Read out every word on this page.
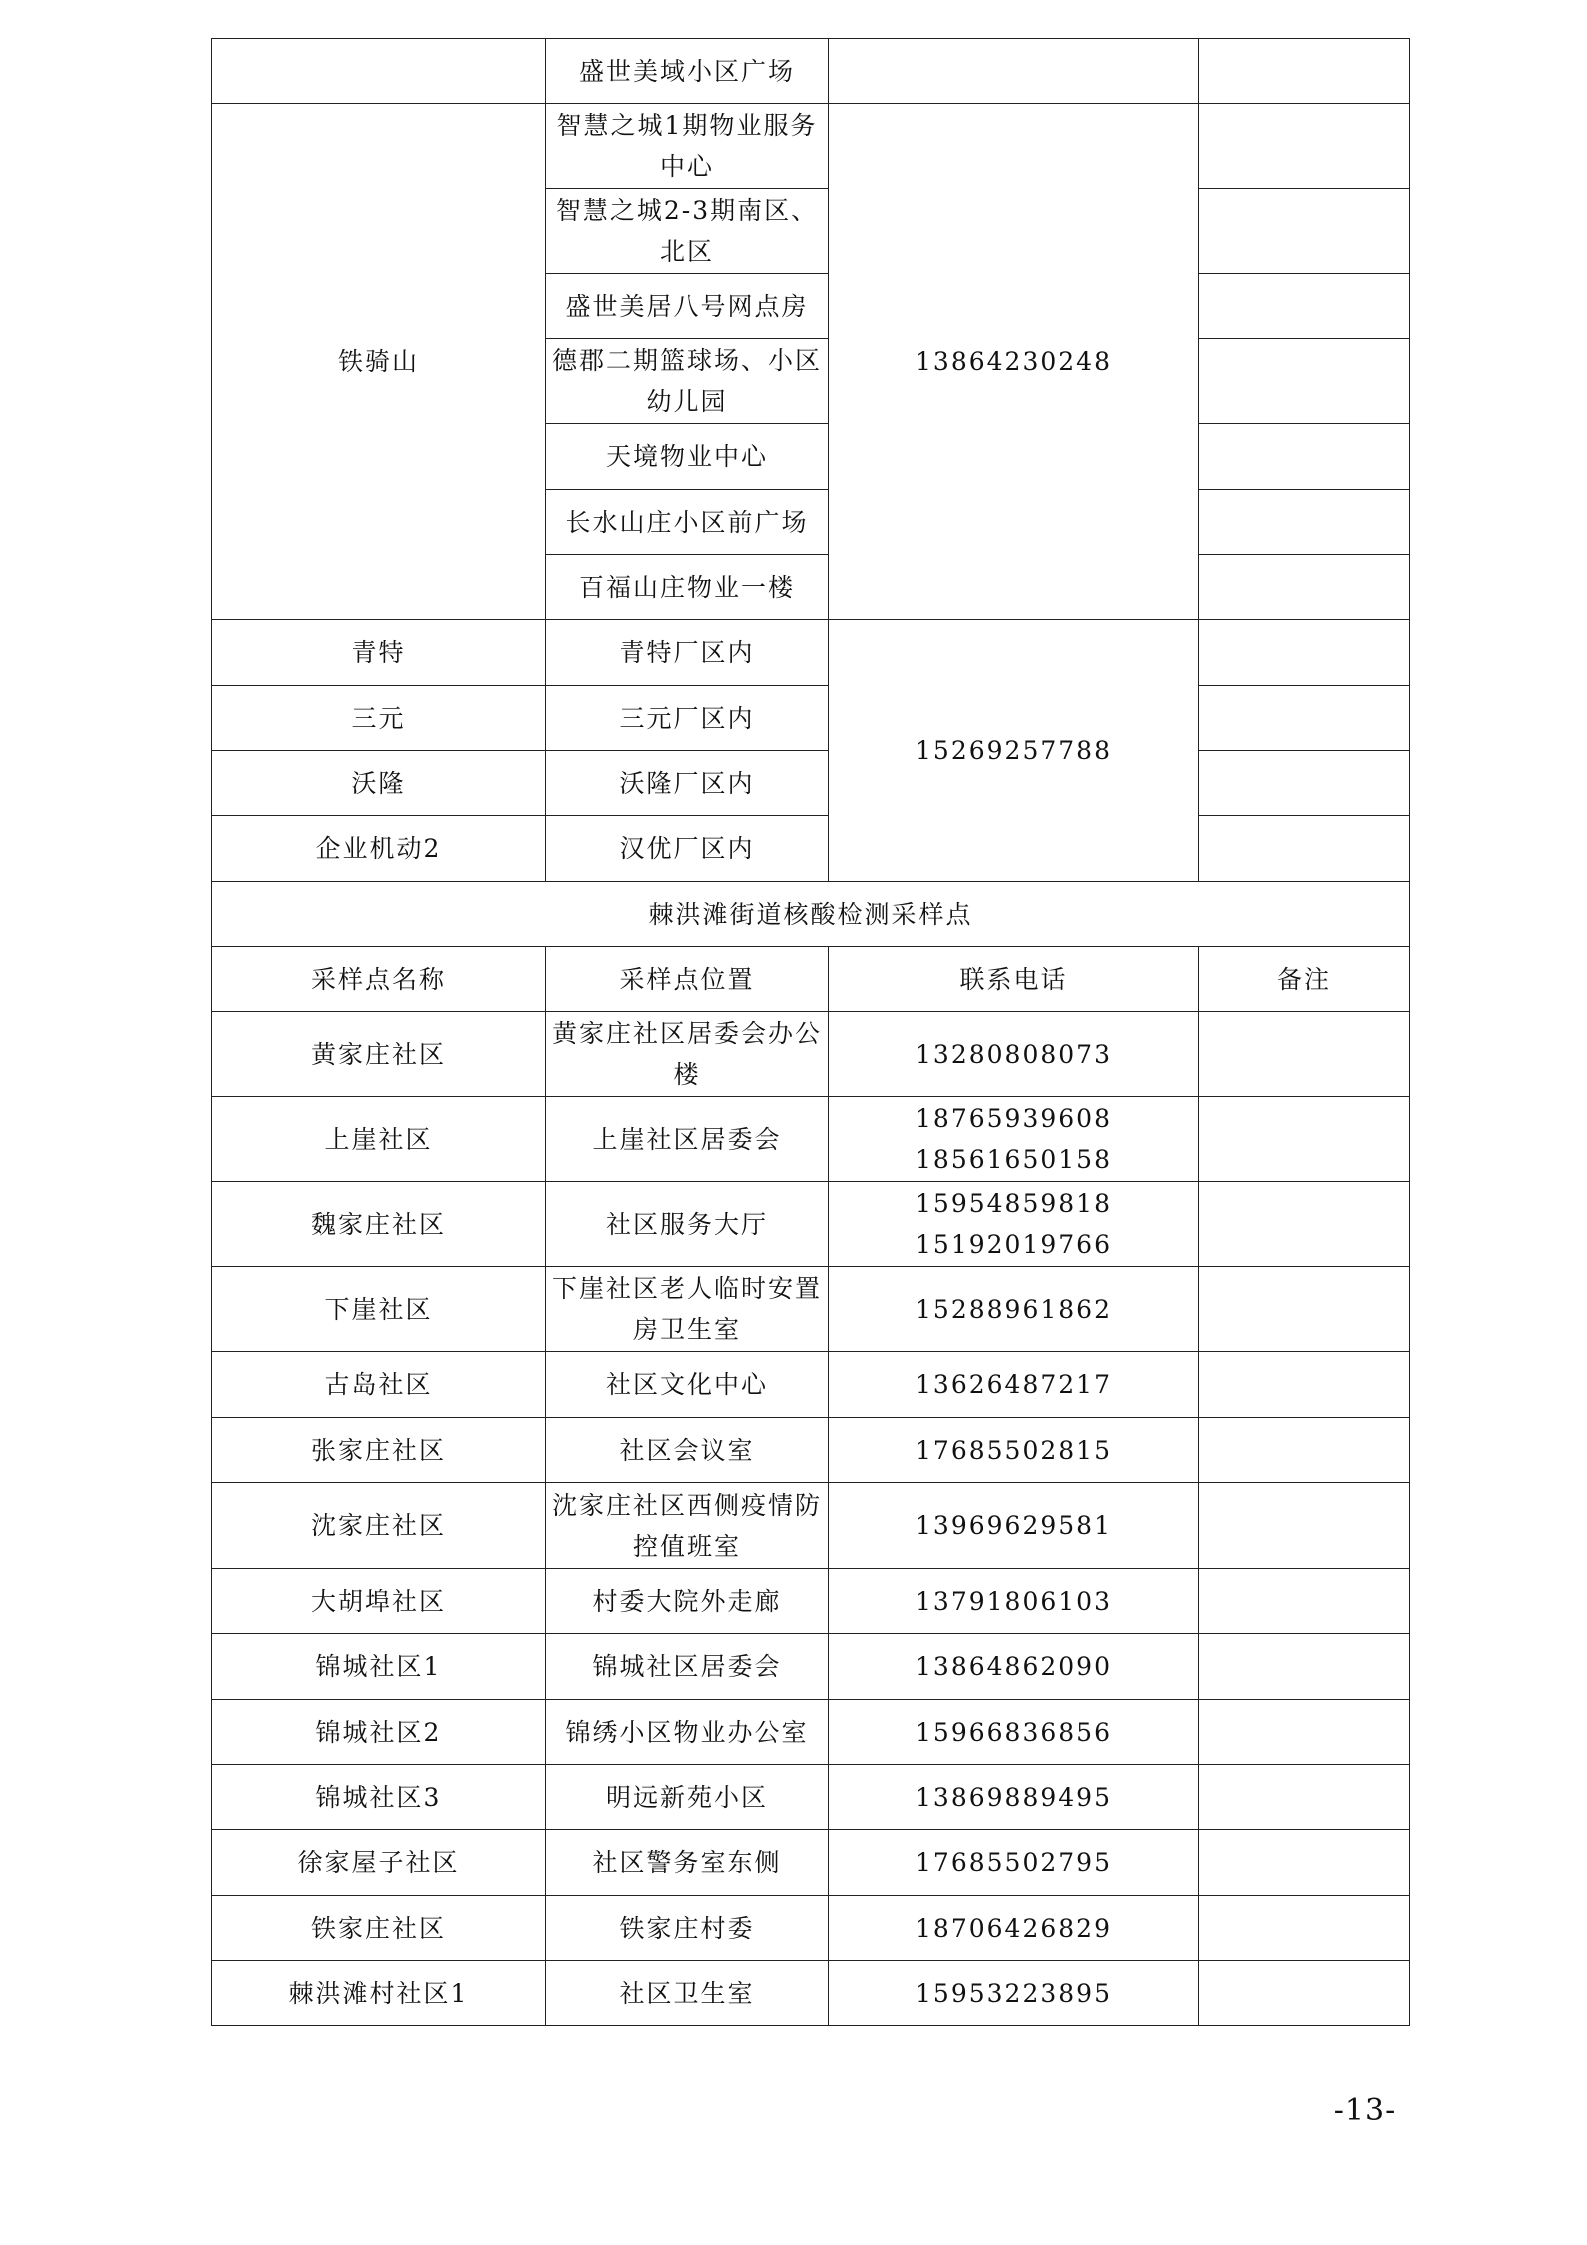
	盛世美域小区广场		
铁骑山	智慧之城1期物业服务中心	13864230248	
	智慧之城2-3期南区、北区		
	盛世美居八号网点房		
	德郡二期篮球场、小区幼儿园		
	天境物业中心		
	长水山庄小区前广场		
	百福山庄物业一楼		
青特	青特厂区内	15269257788	
三元	三元厂区内		
沃隆	沃隆厂区内		
企业机动2	汉优厂区内		
棘洪滩街道核酸检测采样点			
采样点名称	采样点位置	联系电话	备注
黄家庄社区	黄家庄社区居委会办公楼	13280808073	
上崖社区	上崖社区居委会	18765939608
18561650158	

魏家庄社区	社区服务大厅	15954859818
15192019766	

下崖社区	下崖社区老人临时安置房卫生室	15288961862	
古岛社区	社区文化中心	13626487217	
张家庄社区	社区会议室	17685502815	
沈家庄社区	沈家庄社区西侧疫情防控值班室	13969629581	
大胡埠社区	村委大院外走廊	13791806103	
锦城社区1	锦城社区居委会	13864862090	
锦城社区2	锦绣小区物业办公室	15966836856	
锦城社区3	明远新苑小区	13869889495	
徐家屋子社区	社区警务室东侧	17685502795	
铁家庄社区	铁家庄村委	18706426829	
棘洪滩村社区1	社区卫生室	15953223895	
-13-
